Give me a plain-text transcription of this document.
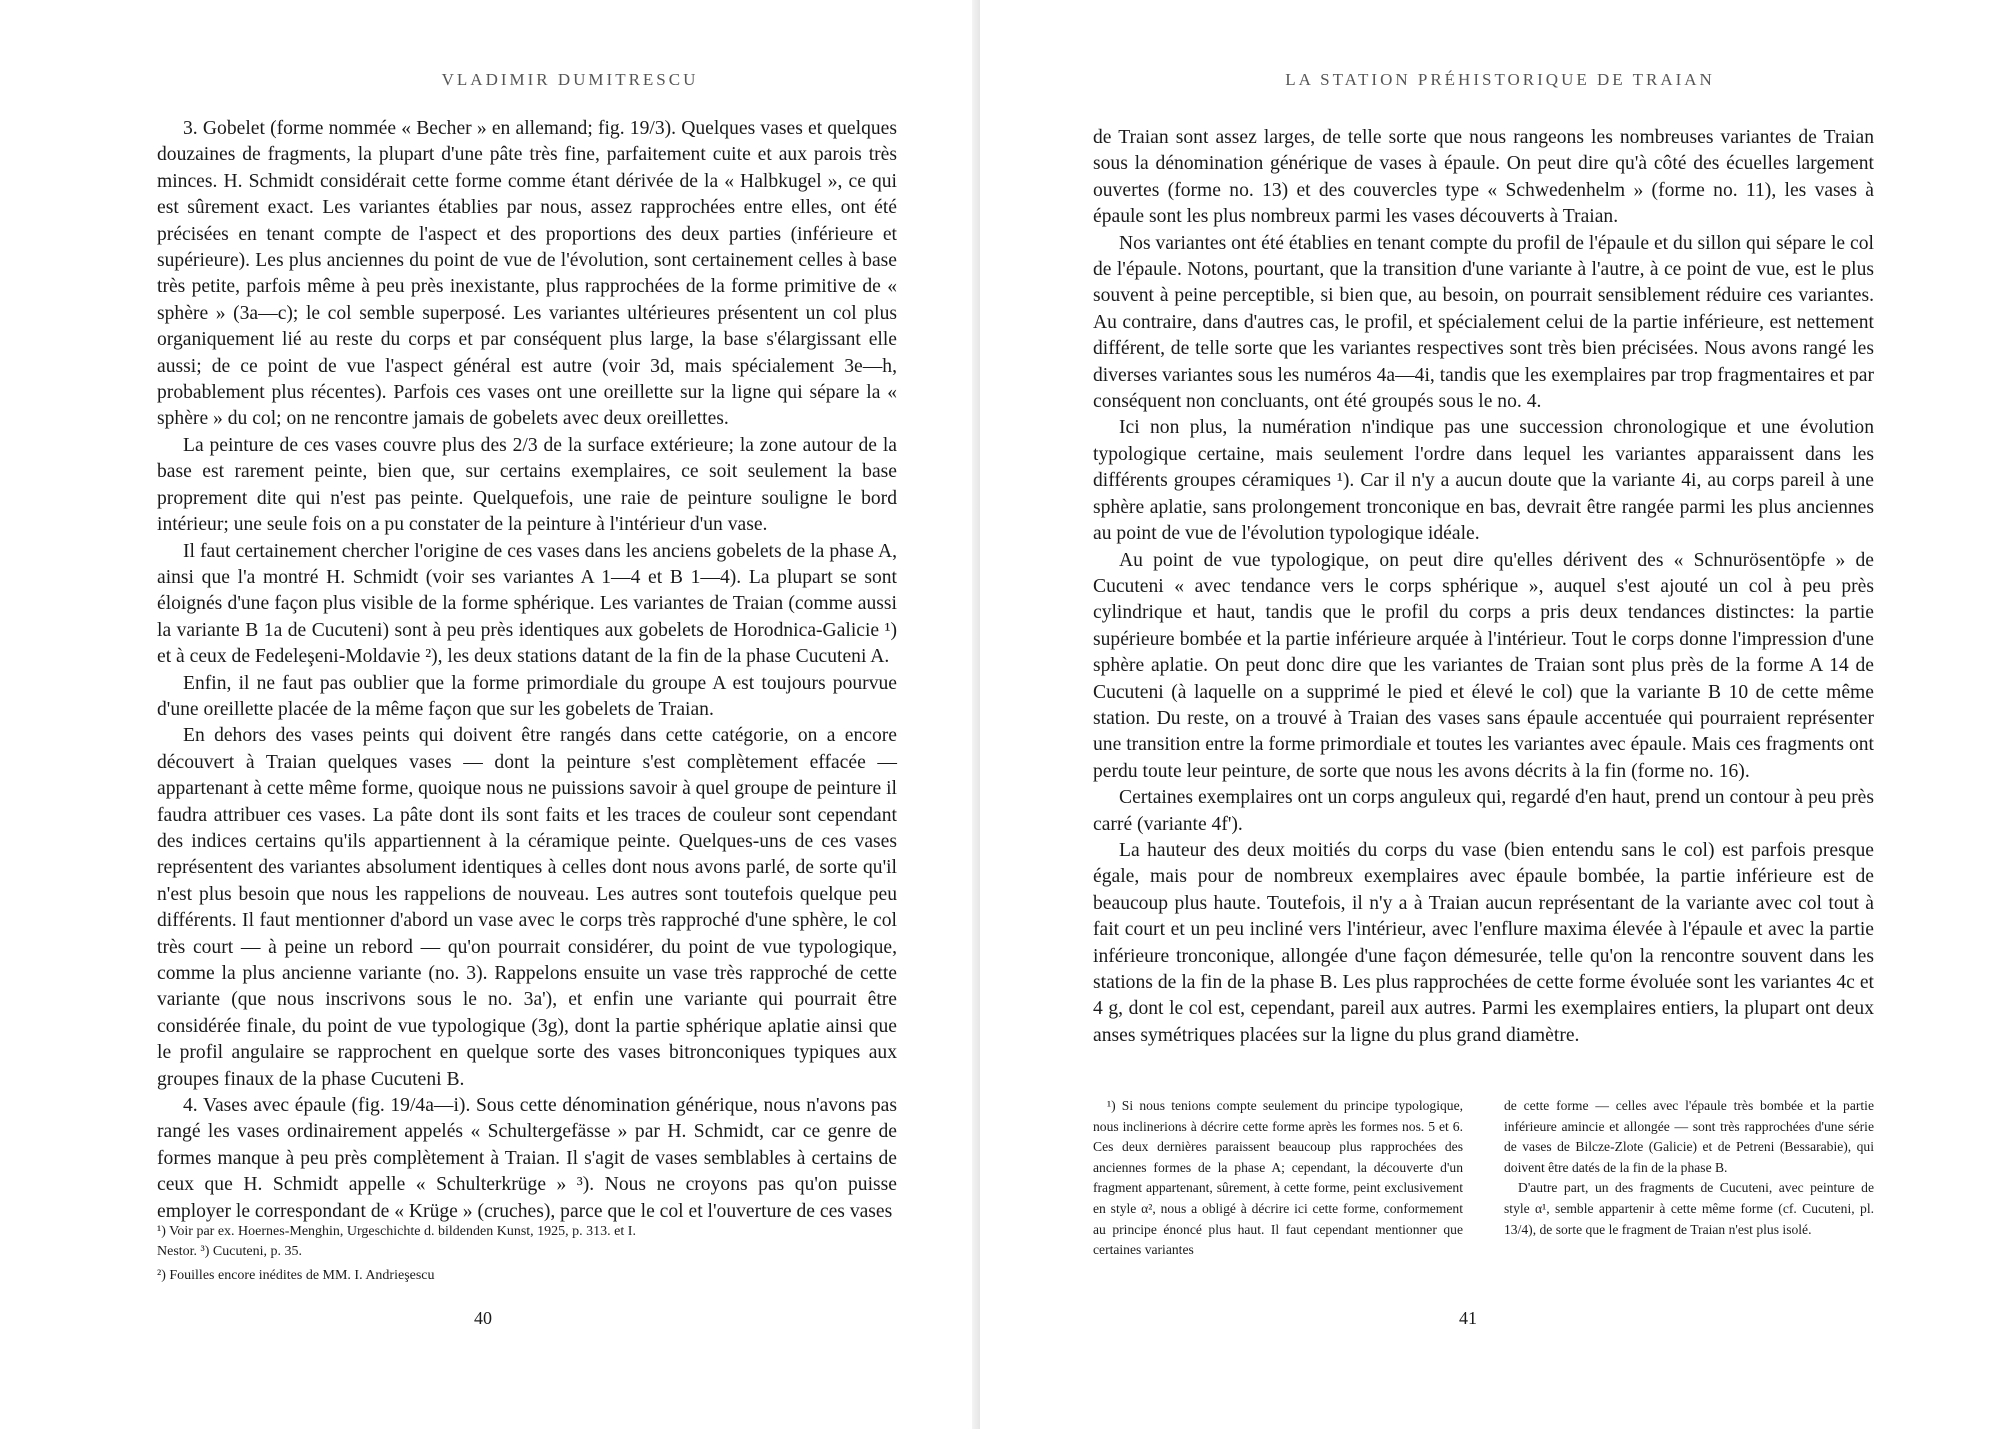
VLADIMIR DUMITRESCU

3. Gobelet (forme nommée « Becher » en allemand; fig. 19/3). Quelques vases et quelques douzaines de fragments, la plupart d'une pâte très fine, parfaitement cuite et aux parois très minces. H. Schmidt considérait cette forme comme étant dérivée de la « Halbkugel », ce qui est sûrement exact. Les variantes établies par nous, assez rapprochées entre elles, ont été précisées en tenant compte de l'aspect et des proportions des deux parties (inférieure et supérieure). Les plus anciennes du point de vue de l'évolution, sont certainement celles à base très petite, parfois même à peu près inexistante, plus rapprochées de la forme primitive de « sphère » (3a—c); le col semble superposé. Les variantes ultérieures présentent un col plus organiquement lié au reste du corps et par conséquent plus large, la base s'élargissant elle aussi; de ce point de vue l'aspect général est autre (voir 3d, mais spécialement 3e—h, probablement plus récentes). Parfois ces vases ont une oreillette sur la ligne qui sépare la « sphère » du col; on ne rencontre jamais de gobelets avec deux oreillettes.

La peinture de ces vases couvre plus des 2/3 de la surface extérieure; la zone autour de la base est rarement peinte, bien que, sur certains exemplaires, ce soit seulement la base proprement dite qui n'est pas peinte. Quelquefois, une raie de peinture souligne le bord intérieur; une seule fois on a pu constater de la peinture à l'intérieur d'un vase.

Il faut certainement chercher l'origine de ces vases dans les anciens gobelets de la phase A, ainsi que l'a montré H. Schmidt (voir ses variantes A 1—4 et B 1—4). La plupart se sont éloignés d'une façon plus visible de la forme sphérique. Les variantes de Traian (comme aussi la variante B 1a de Cucuteni) sont à peu près identiques aux gobelets de Horodnica-Galicie ¹) et à ceux de Fedeleşeni-Moldavie ²), les deux stations datant de la fin de la phase Cucuteni A.

Enfin, il ne faut pas oublier que la forme primordiale du groupe A est toujours pourvue d'une oreillette placée de la même façon que sur les gobelets de Traian.

En dehors des vases peints qui doivent être rangés dans cette catégorie, on a encore découvert à Traian quelques vases — dont la peinture s'est complètement effacée — appartenant à cette même forme, quoique nous ne puissions savoir à quel groupe de peinture il faudra attribuer ces vases. La pâte dont ils sont faits et les traces de couleur sont cependant des indices certains qu'ils appartiennent à la céramique peinte. Quelques-uns de ces vases représentent des variantes absolument identiques à celles dont nous avons parlé, de sorte qu'il n'est plus besoin que nous les rappelions de nouveau. Les autres sont toutefois quelque peu différents. Il faut mentionner d'abord un vase avec le corps très rapproché d'une sphère, le col très court — à peine un rebord — qu'on pourrait considérer, du point de vue typologique, comme la plus ancienne variante (no. 3). Rappelons ensuite un vase très rapproché de cette variante (que nous inscrivons sous le no. 3a'), et enfin une variante qui pourrait être considérée finale, du point de vue typologique (3g), dont la partie sphérique aplatie ainsi que le profil angulaire se rapprochent en quelque sorte des vases bitronconiques typiques aux groupes finaux de la phase Cucuteni B.

4. Vases avec épaule (fig. 19/4a—i). Sous cette dénomination générique, nous n'avons pas rangé les vases ordinairement appelés « Schultergefässe » par H. Schmidt, car ce genre de formes manque à peu près complètement à Traian. Il s'agit de vases semblables à certains de ceux que H. Schmidt appelle « Schulterkrüge » ³). Nous ne croyons pas qu'on puisse employer le correspondant de « Krüge » (cruches), parce que le col et l'ouverture de ces vases

¹) Voir par ex. Hoernes-Menghin, Urgeschichte d. bildenden Kunst, 1925, p. 313. et I. Nestor. ³) Cucuteni, p. 35.

²) Fouilles encore inédites de MM. I. Andrieşescu

40
LA STATION PRÉHISTORIQUE DE TRAIAN

de Traian sont assez larges, de telle sorte que nous rangeons les nombreuses variantes de Traian sous la dénomination générique de vases à épaule. On peut dire qu'à côté des écuelles largement ouvertes (forme no. 13) et des couvercles type « Schwedenhelm » (forme no. 11), les vases à épaule sont les plus nombreux parmi les vases découverts à Traian.

Nos variantes ont été établies en tenant compte du profil de l'épaule et du sillon qui sépare le col de l'épaule. Notons, pourtant, que la transition d'une variante à l'autre, à ce point de vue, est le plus souvent à peine perceptible, si bien que, au besoin, on pourrait sensiblement réduire ces variantes. Au contraire, dans d'autres cas, le profil, et spécialement celui de la partie inférieure, est nettement différent, de telle sorte que les variantes respectives sont très bien précisées. Nous avons rangé les diverses variantes sous les numéros 4a—4i, tandis que les exemplaires par trop fragmentaires et par conséquent non concluants, ont été groupés sous le no. 4.

Ici non plus, la numération n'indique pas une succession chronologique et une évolution typologique certaine, mais seulement l'ordre dans lequel les variantes apparaissent dans les différents groupes céramiques ¹). Car il n'y a aucun doute que la variante 4i, au corps pareil à une sphère aplatie, sans prolongement tronconique en bas, devrait être rangée parmi les plus anciennes au point de vue de l'évolution typologique idéale.

Au point de vue typologique, on peut dire qu'elles dérivent des « Schnurösentöpfe » de Cucuteni « avec tendance vers le corps sphérique », auquel s'est ajouté un col à peu près cylindrique et haut, tandis que le profil du corps a pris deux tendances distinctes: la partie supérieure bombée et la partie inférieure arquée à l'intérieur. Tout le corps donne l'impression d'une sphère aplatie. On peut donc dire que les variantes de Traian sont plus près de la forme A 14 de Cucuteni (à laquelle on a supprimé le pied et élevé le col) que la variante B 10 de cette même station. Du reste, on a trouvé à Traian des vases sans épaule accentuée qui pourraient représenter une transition entre la forme primordiale et toutes les variantes avec épaule. Mais ces fragments ont perdu toute leur peinture, de sorte que nous les avons décrits à la fin (forme no. 16).

Certaines exemplaires ont un corps anguleux qui, regardé d'en haut, prend un contour à peu près carré (variante 4f').

La hauteur des deux moitiés du corps du vase (bien entendu sans le col) est parfois presque égale, mais pour de nombreux exemplaires avec épaule bombée, la partie inférieure est de beaucoup plus haute. Toutefois, il n'y a à Traian aucun représentant de la variante avec col tout à fait court et un peu incliné vers l'intérieur, avec l'enflure maxima élevée à l'épaule et avec la partie inférieure tronconique, allongée d'une façon démesurée, telle qu'on la rencontre souvent dans les stations de la fin de la phase B. Les plus rapprochées de cette forme évoluée sont les variantes 4c et 4 g, dont le col est, cependant, pareil aux autres. Parmi les exemplaires entiers, la plupart ont deux anses symétriques placées sur la ligne du plus grand diamètre.

¹) Si nous tenions compte seulement du principe typologique, nous inclinerions à décrire cette forme après les formes nos. 5 et 6. Ces deux dernières paraissent beaucoup plus rapprochées des anciennes formes de la phase A; cependant, la découverte d'un fragment appartenant, sûrement, à cette forme, peint exclusivement en style α², nous a obligé à décrire ici cette forme, conformement au principe énoncé plus haut. Il faut cependant mentionner que certaines variantes

de cette forme — celles avec l'épaule très bombée et la partie inférieure amincie et allongée — sont très rapprochées d'une série de vases de Bilcze-Zlote (Galicie) et de Petreni (Bessarabie), qui doivent être datés de la fin de la phase B.

D'autre part, un des fragments de Cucuteni, avec peinture de style α¹, semble appartenir à cette même forme (cf. Cucuteni, pl. 13/4), de sorte que le fragment de Traian n'est plus isolé.

41
